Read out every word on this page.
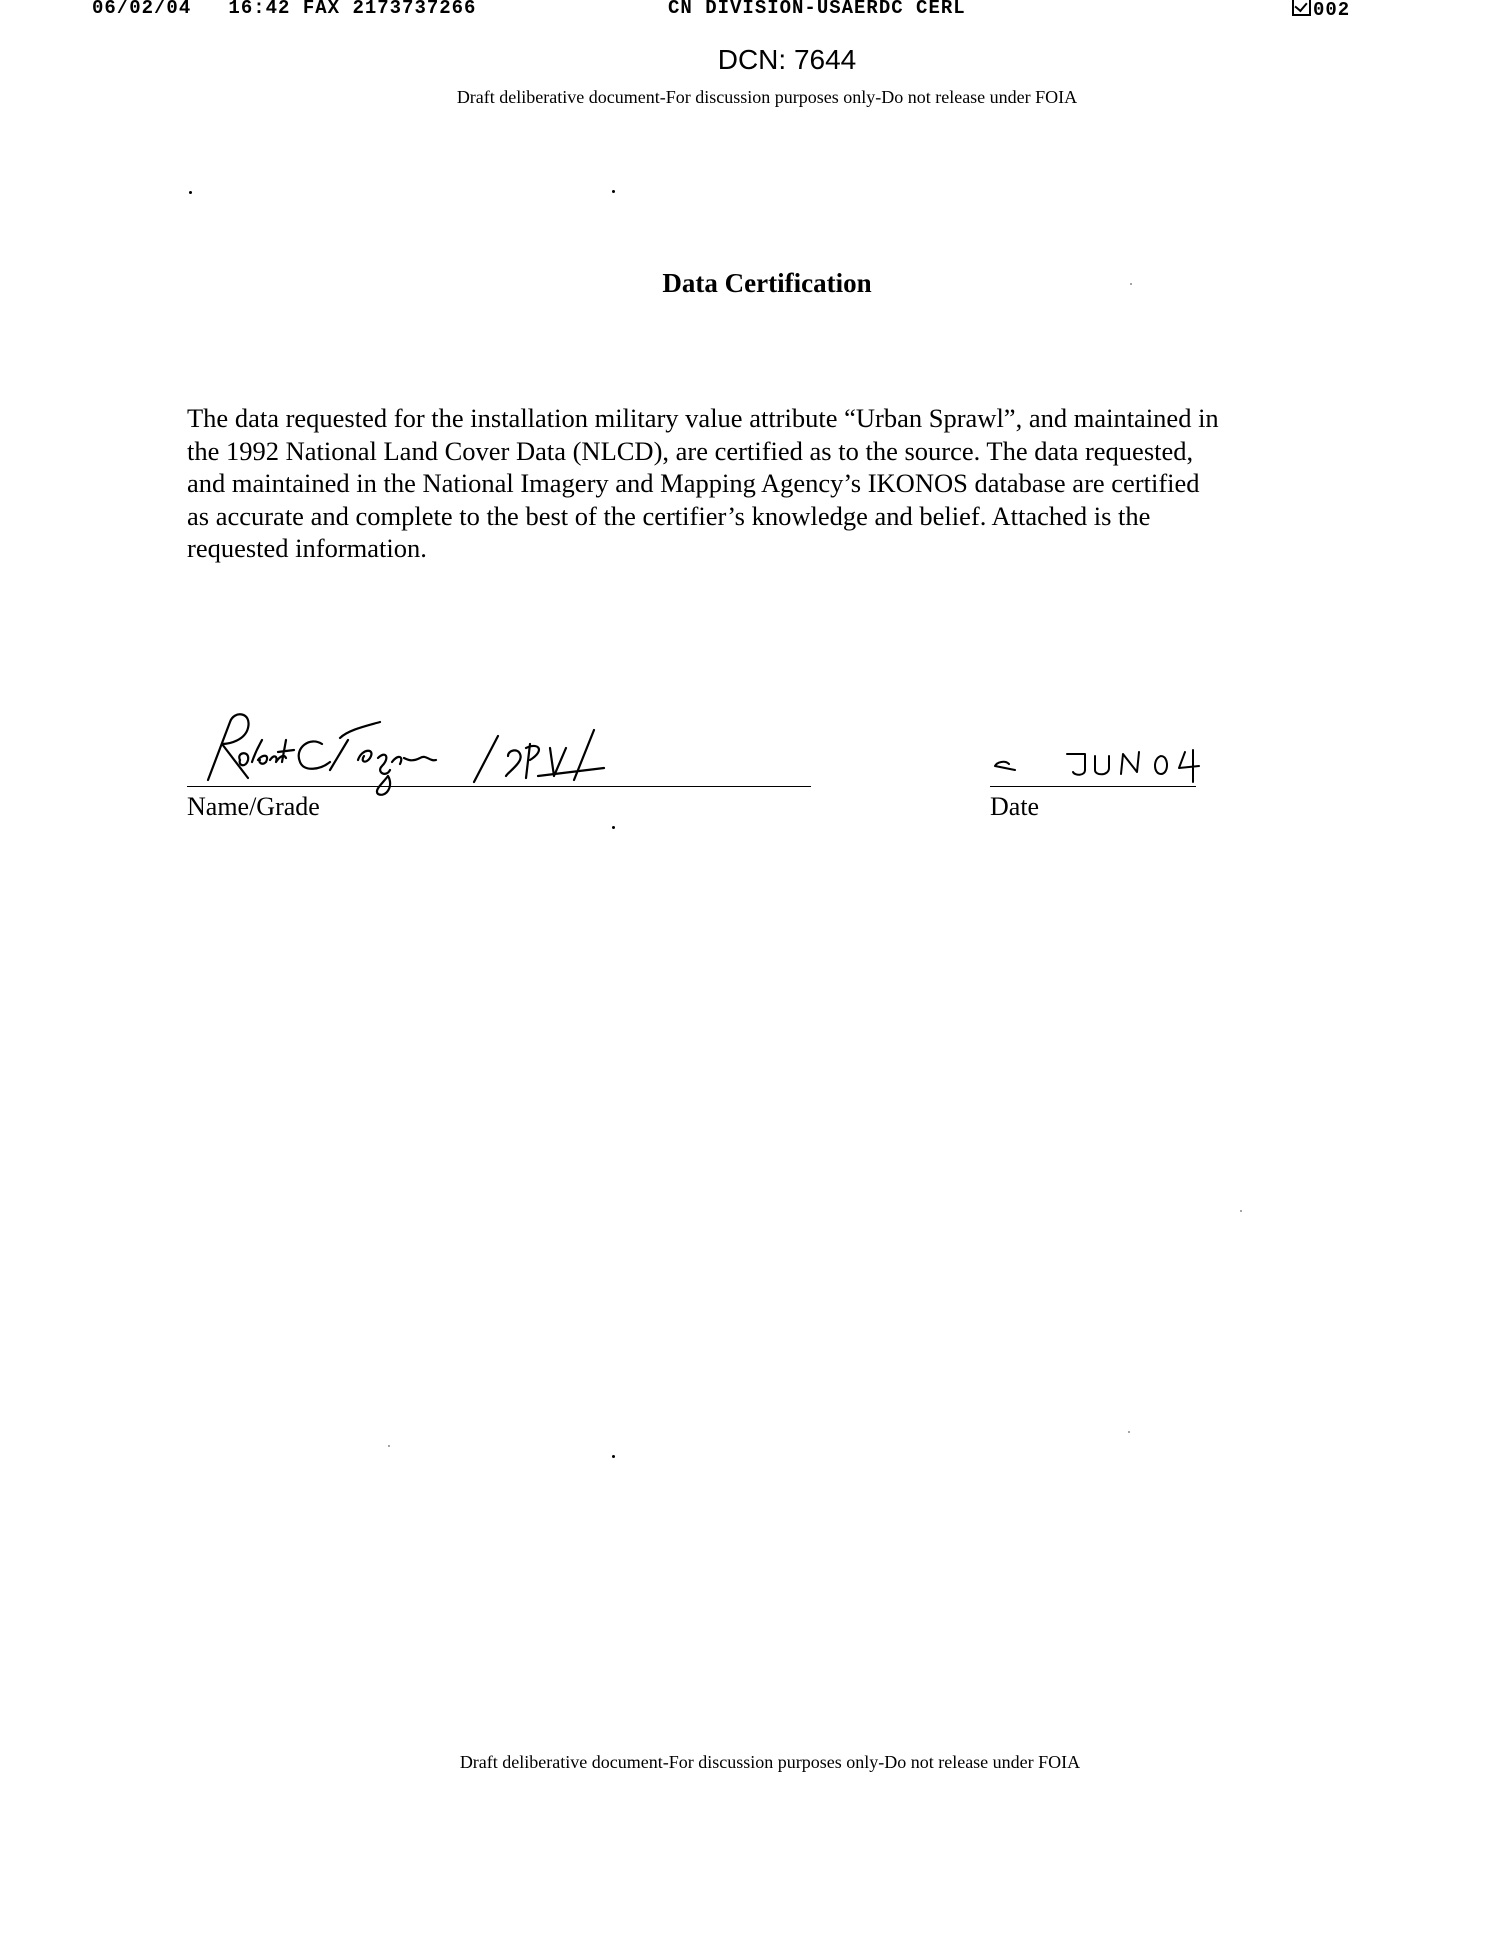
06/02/04   16:42 FAX 2173737266	CN DIVISION-USAERDC CERL	002
DCN: 7644
Draft deliberative document-For discussion purposes only-Do not release under FOIA
Data Certification
The data requested for the installation military value attribute “Urban Sprawl”, and maintained in
the 1992 National Land Cover Data (NLCD), are certified as to the source. The data requested,
and maintained in the National Imagery and Mapping Agency’s IKONOS database are certified
as accurate and complete to the best of the certifier’s knowledge and belief. Attached is the
requested information.
Name/Grade	Date
Draft deliberative document-For discussion purposes only-Do not release under FOIA
